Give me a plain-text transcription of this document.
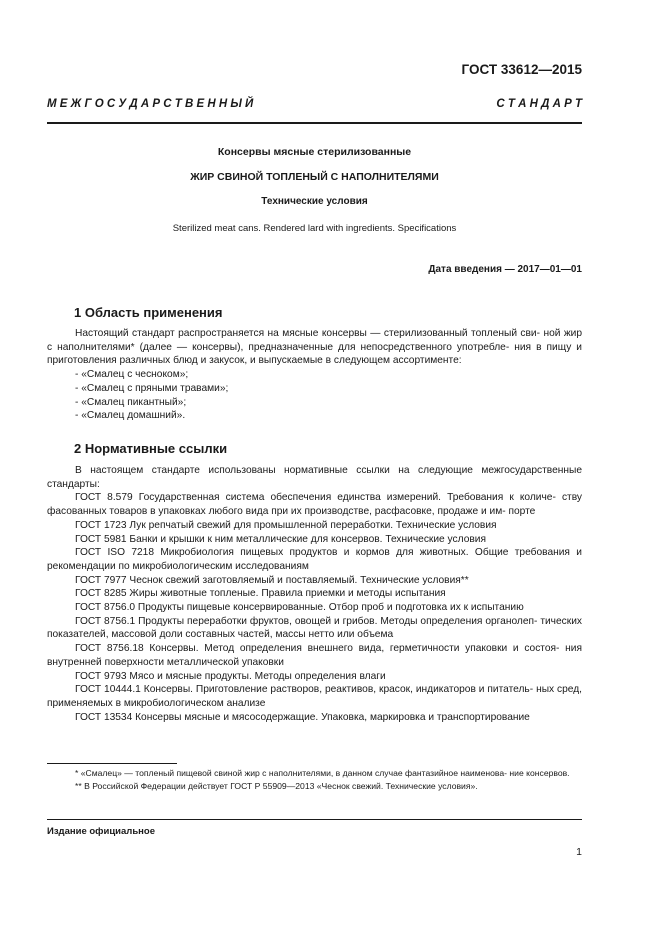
ГОСТ 33612—2015
М Е Ж Г О С У Д А Р С Т В Е Н Н Ы Й	С Т А Н Д А Р Т
Консервы мясные стерилизованные
ЖИР СВИНОЙ ТОПЛЕНЫЙ С НАПОЛНИТЕЛЯМИ
Технические условия
Sterilized meat cans. Rendered lard with ingredients. Specifications
Дата введения — 2017—01—01
1 Область применения

Настоящий стандарт распространяется на мясные консервы — стерилизованный топленый сви- ной жир с наполнителями* (далее — консервы), предназначенные для непосредственного употребле- ния в пищу и приготовления различных блюд и закусок, и выпускаемые в следующем ассортименте:

- «Смалец с чесноком»;

- «Смалец с пряными травами»;

- «Смалец пикантный»;

- «Смалец домашний».

2 Нормативные ссылки

В настоящем стандарте использованы нормативные ссылки на следующие межгосударственные стандарты:

ГОСТ 8.579 Государственная система обеспечения единства измерений. Требования к количе- ству фасованных товаров в упаковках любого вида при их производстве, расфасовке, продаже и им- порте

ГОСТ 1723 Лук репчатый свежий для промышленной переработки. Технические условия

ГОСТ 5981 Банки и крышки к ним металлические для консервов. Технические условия

ГОСТ ISO 7218 Микробиология пищевых продуктов и кормов для животных. Общие требования и рекомендации по микробиологическим исследованиям

ГОСТ 7977 Чеснок свежий заготовляемый и поставляемый. Технические условия**

ГОСТ 8285 Жиры животные топленые. Правила приемки и методы испытания

ГОСТ 8756.0 Продукты пищевые консервированные. Отбор проб и подготовка их к испытанию

ГОСТ 8756.1 Продукты переработки фруктов, овощей и грибов. Методы определения органолеп- тических показателей, массовой доли составных частей, массы нетто или объема

ГОСТ 8756.18 Консервы. Метод определения внешнего вида, герметичности упаковки и состоя- ния внутренней поверхности металлической упаковки

ГОСТ 9793 Мясо и мясные продукты. Методы определения влаги

ГОСТ 10444.1 Консервы. Приготовление растворов, реактивов, красок, индикаторов и питатель- ных сред, применяемых в микробиологическом анализе

ГОСТ 13534 Консервы мясные и мясосодержащие. Упаковка, маркировка и транспортирование

* «Смалец» — топленый пищевой свиной жир с наполнителями, в данном случае фантазийное наименова- ние консервов.

** В Российской Федерации действует ГОСТ Р 55909—2013 «Чеснок свежий. Технические условия».

Издание официальное
1
